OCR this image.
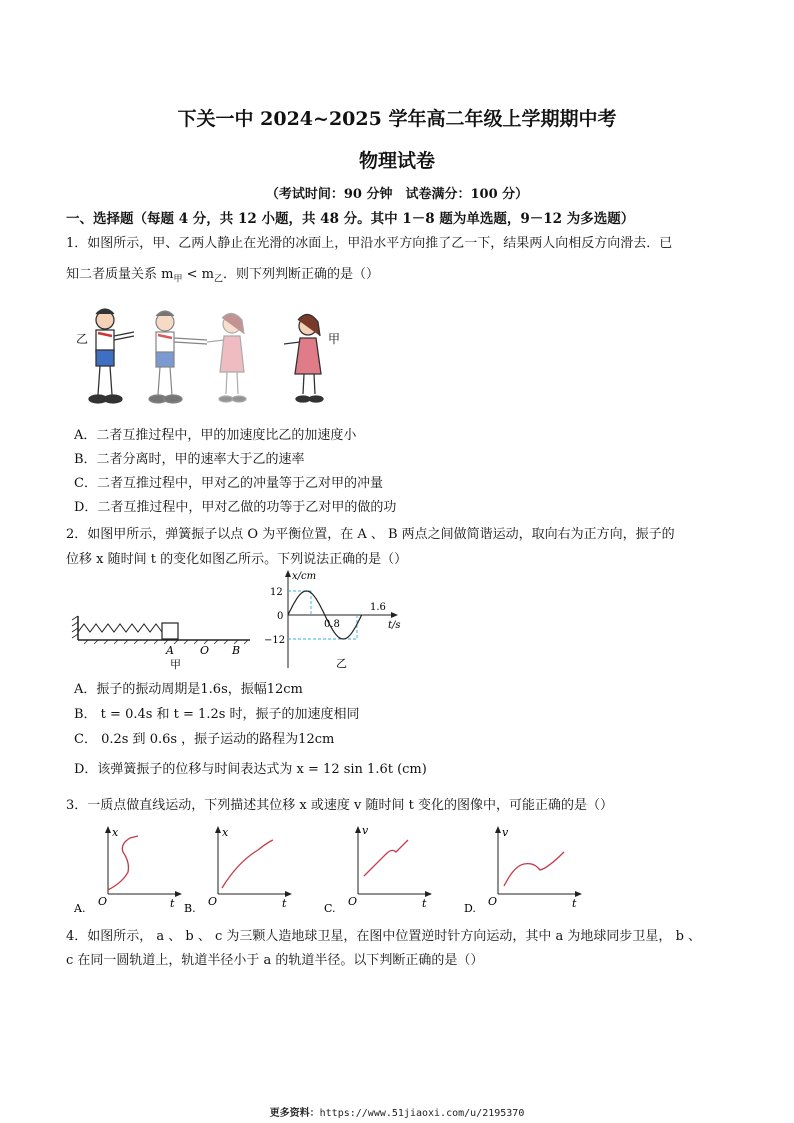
下关一中 2024~2025 学年高二年级上学期期中考
物理试卷
（考试时间：90 分钟　试卷满分：100 分）
一、选择题（每题 4 分，共 12 小题，共 48 分。其中 1－8 题为单选题，9－12 为多选题）
1．如图所示，甲、乙两人静止在光滑的冰面上，甲沿水平方向推了乙一下，结果两人向相反方向滑去．已
知二者质量关系 $m_甲 < m_乙$．则下列判断正确的是（）
乙	甲
A．二者互推过程中，甲的加速度比乙的加速度小
B．二者分离时，甲的速率大于乙的速率
C．二者互推过程中，甲对乙的冲量等于乙对甲的冲量
D．二者互推过程中，甲对乙做的功等于乙对甲的做的功
2．如图甲所示，弹簧振子以点 O 为平衡位置，在 A 、 B 两点之间做简谐运动，取向右为正方向，振子的
位移 x 随时间 t 的变化如图乙所示。下列说法正确的是（）
A O B
甲
x/cm
t/s
12
−12
0
0.8
1.6
乙
A．振子的振动周期是1.6s，振幅12cm
B． t = 0.4s 和 t = 1.2s 时，振子的加速度相同
C． 0.2s 到 0.6s ，振子运动的路程为12cm
D．该弹簧振子的位移与时间表达式为 x = 12 sin 1.6t (cm)
3．一质点做直线运动，下列描述其位移 x 或速度 v 随时间 t 变化的图像中，可能正确的是（）
x
t
O
A.
x
t
O
B.
v
t
O
C.
v
t
O
D.
4．如图所示， a 、 b 、 c 为三颗人造地球卫星，在图中位置逆时针方向运动，其中 a 为地球同步卫星， b 、
c 在同一圆轨道上，轨道半径小于 a 的轨道半径。以下判断正确的是（）
更多资料：https://www.51jiaoxi.com/u/2195370
